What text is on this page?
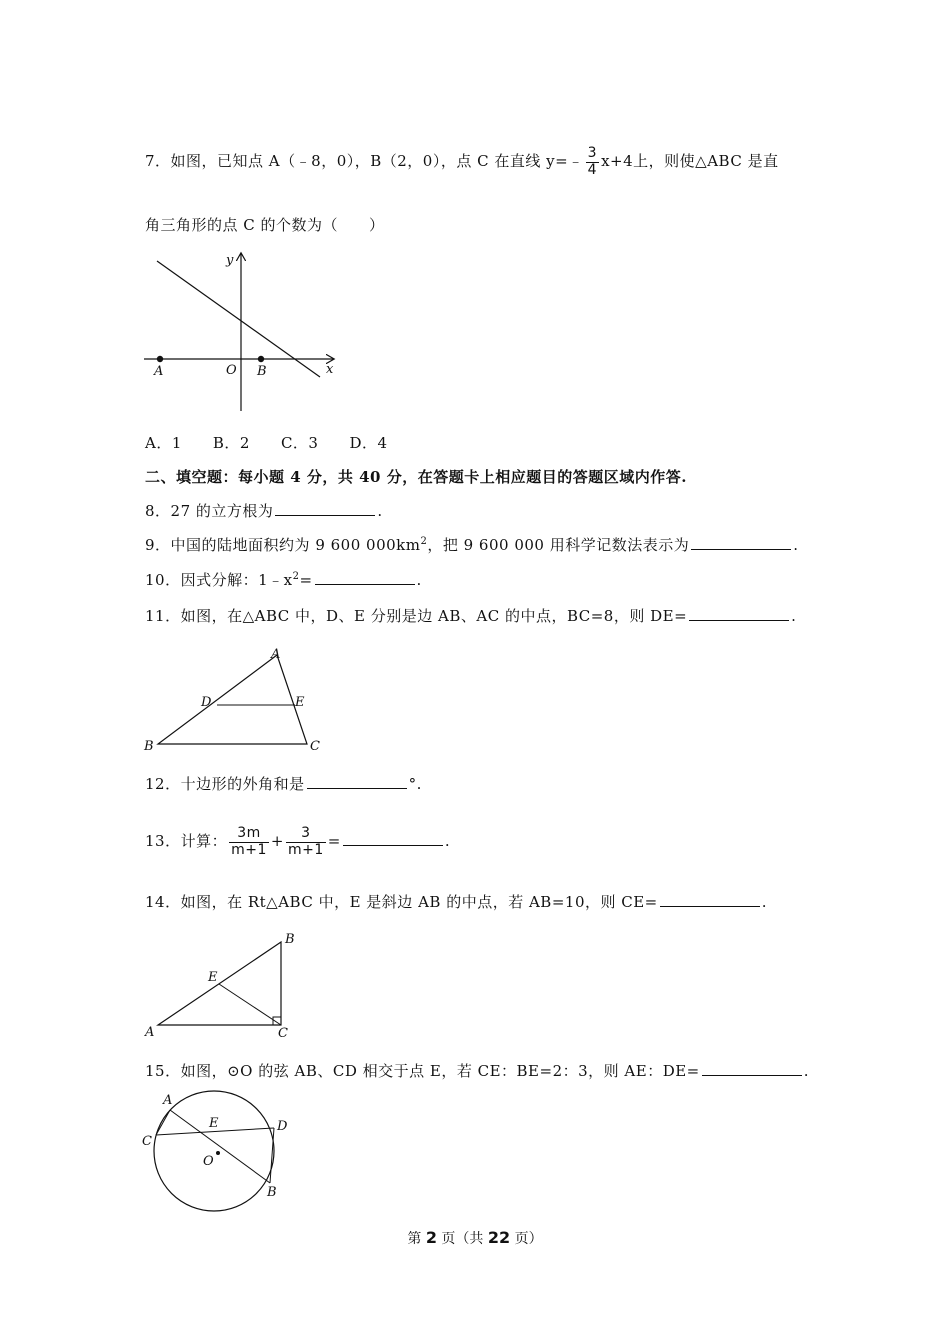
7．如图，已知点 A（﹣8，0），B（2，0），点 C 在直线 y=﹣ $\frac{3}{4} x+4$上，则使△ABC 是直
角三角形的点 C 的个数为（　　）
y
x
O
A	B
A．1　　B．2　　C．3　　D．4
二、填空题：每小题 4 分，共 40 分，在答题卡上相应题目的答题区域内作答.
8．27 的立方根为	.
9．中国的陆地面积约为 9 600 $000km^2$，把 9 600 000 用科学记数法表示为	.
10．因式分解：$1﹣x^2=$	.
11．如图，在△ABC 中，D、E 分别是边 AB、AC 的中点，BC=8，则 DE=	.
A
D	E
B	C
12．十边形的外角和是	°.
13．计算： $\frac{3m}{m+1} + \frac{3}{m+1}$ =	.
14．如图，在 Rt△ABC 中，E 是斜边 AB 的中点，若 AB=10，则 CE=	.
B
E
A	C
15．如图，⊙O 的弦 AB、CD 相交于点 E，若 CE：BE=2：3，则 AE：DE=	.
A
E	D
C
O
B
第 2 页（共 22 页）
